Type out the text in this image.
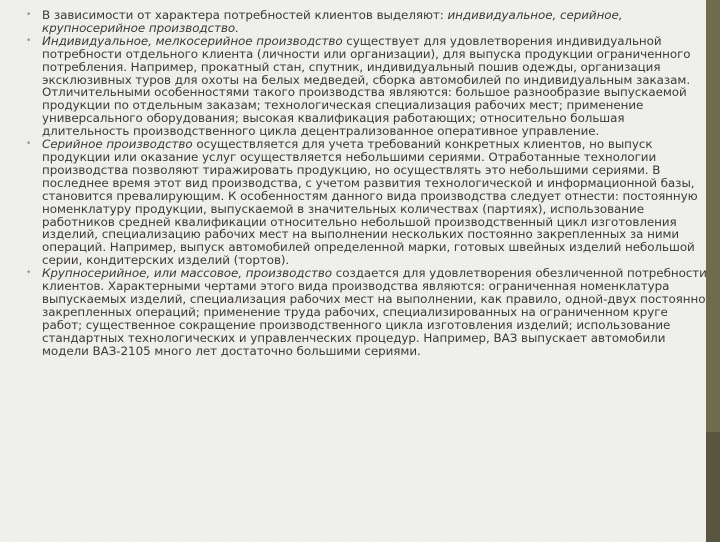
• В зависимости от характера потребностей клиентов выделяют: индивидуальное, серийное, крупносерийное производство.
• Индивидуальное, мелкосерийное производство существует для удовлетворения индивидуальной потребности отдельного клиента (личности или организации), для выпуска продукции ограниченного потребления. Например, прокатный стан, спутник, индивидуальный пошив одежды, организация эксклюзивных туров для охоты на белых медведей, сборка автомобилей по индивидуальным заказам. Отличительными особенностями такого производства являются: большое разнообразие выпускаемой продукции по отдельным заказам; технологическая специализация рабочих мест; применение универсального оборудования; высокая квалификация работающих; относительно большая длительность производственного цикла децентрализованное оперативное управление.
• Серийное производство осуществляется для учета требований конкретных клиентов, но выпуск продукции или оказание услуг осуществляется небольшими сериями. Отработанные технологии производства позволяют тиражировать продукцию, но осуществлять это небольшими сериями. В последнее время этот вид производства, с учетом развития технологической и информационной базы, становится превалирующим. К особенностям данного вида производства следует отнести: постоянную номенклатуру продукции, выпускаемой в значительных количествах (партиях), использование работников средней квалификации относительно небольшой производственный цикл изготовления изделий, специализацию рабочих мест на выполнении нескольких постоянно закрепленных за ними операций. Например, выпуск автомобилей определенной марки, готовых швейных изделий небольшой серии, кондитерских изделий (тортов).
• Крупносерийное, или массовое, производство создается для удовлетворения обезличенной потребности клиентов. Характерными чертами этого вида производства являются: ограниченная номенклатура выпускаемых изделий, специализация рабочих мест на выполнении, как правило, одной-двух постоянно закрепленных операций; применение труда рабочих, специализированных на ограниченном круге работ; существенное сокращение производственного цикла изготовления изделий; использование стандартных технологических и управленческих процедур. Например, ВАЗ выпускает автомобили модели ВАЗ-2105 много лет достаточно большими сериями.
